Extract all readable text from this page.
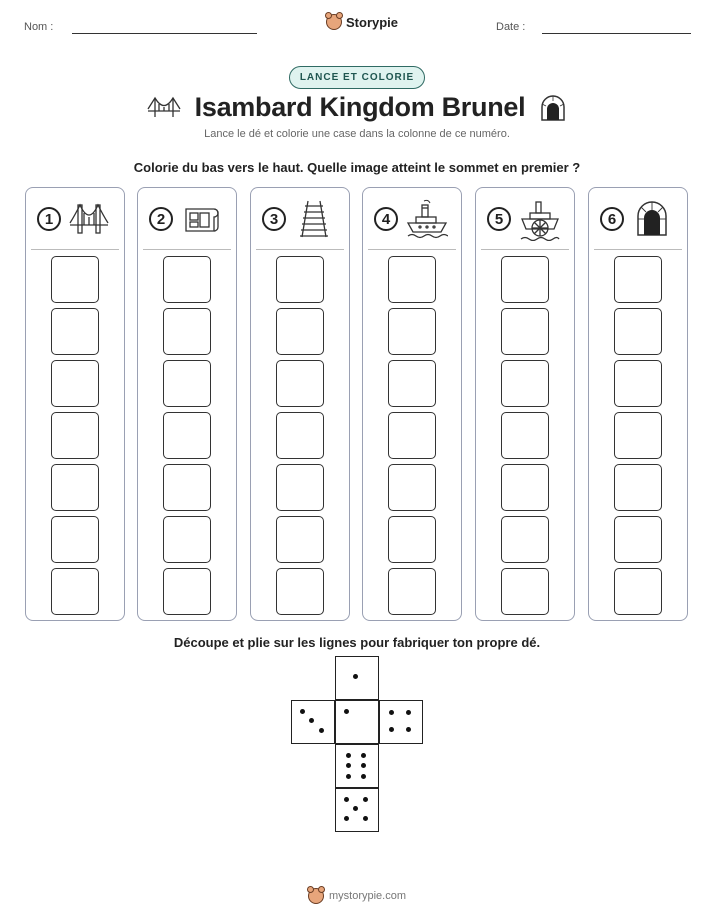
Nom :	Storypie	Date :
LANCE ET COLORIE
Isambard Kingdom Brunel
Lance le dé et colorie une case dans la colonne de ce numéro.
Colorie du bas vers le haut. Quelle image atteint le sommet en premier ?
1	2	3	4	5	6
Découpe et plie sur les lignes pour fabriquer ton propre dé.
mystorypie.com
